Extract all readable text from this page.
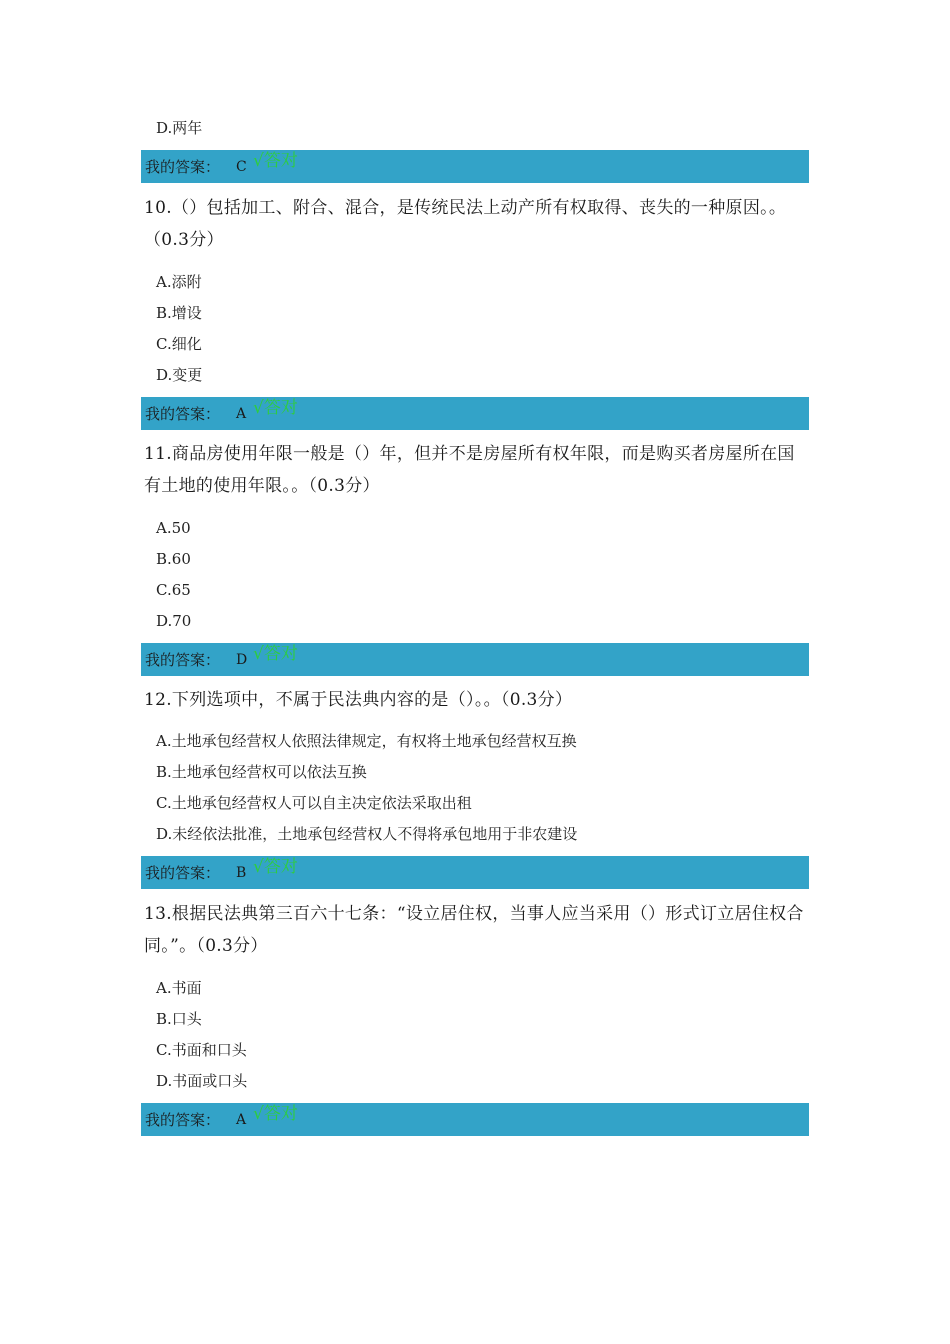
D.两年
我的答案： C √答对
10.（）包括加工、附合、混合，是传统民法上动产所有权取得、丧失的一种原因。。（0.3分）
A.添附
B.增设
C.细化
D.变更
我的答案： A √答对
11.商品房使用年限一般是（）年，但并不是房屋所有权年限，而是购买者房屋所在国有土地的使用年限。。（0.3分）
A.50
B.60
C.65
D.70
我的答案： D √答对
12.下列选项中，不属于民法典内容的是（）。。（0.3分）
A.土地承包经营权人依照法律规定，有权将土地承包经营权互换
B.土地承包经营权可以依法互换
C.土地承包经营权人可以自主决定依法采取出租
D.未经依法批准，土地承包经营权人不得将承包地用于非农建设
我的答案： B √答对
13.根据民法典第三百六十七条：“设立居住权，当事人应当采用（）形式订立居住权合同。”。（0.3分）
A.书面
B.口头
C.书面和口头
D.书面或口头
我的答案： A √答对
